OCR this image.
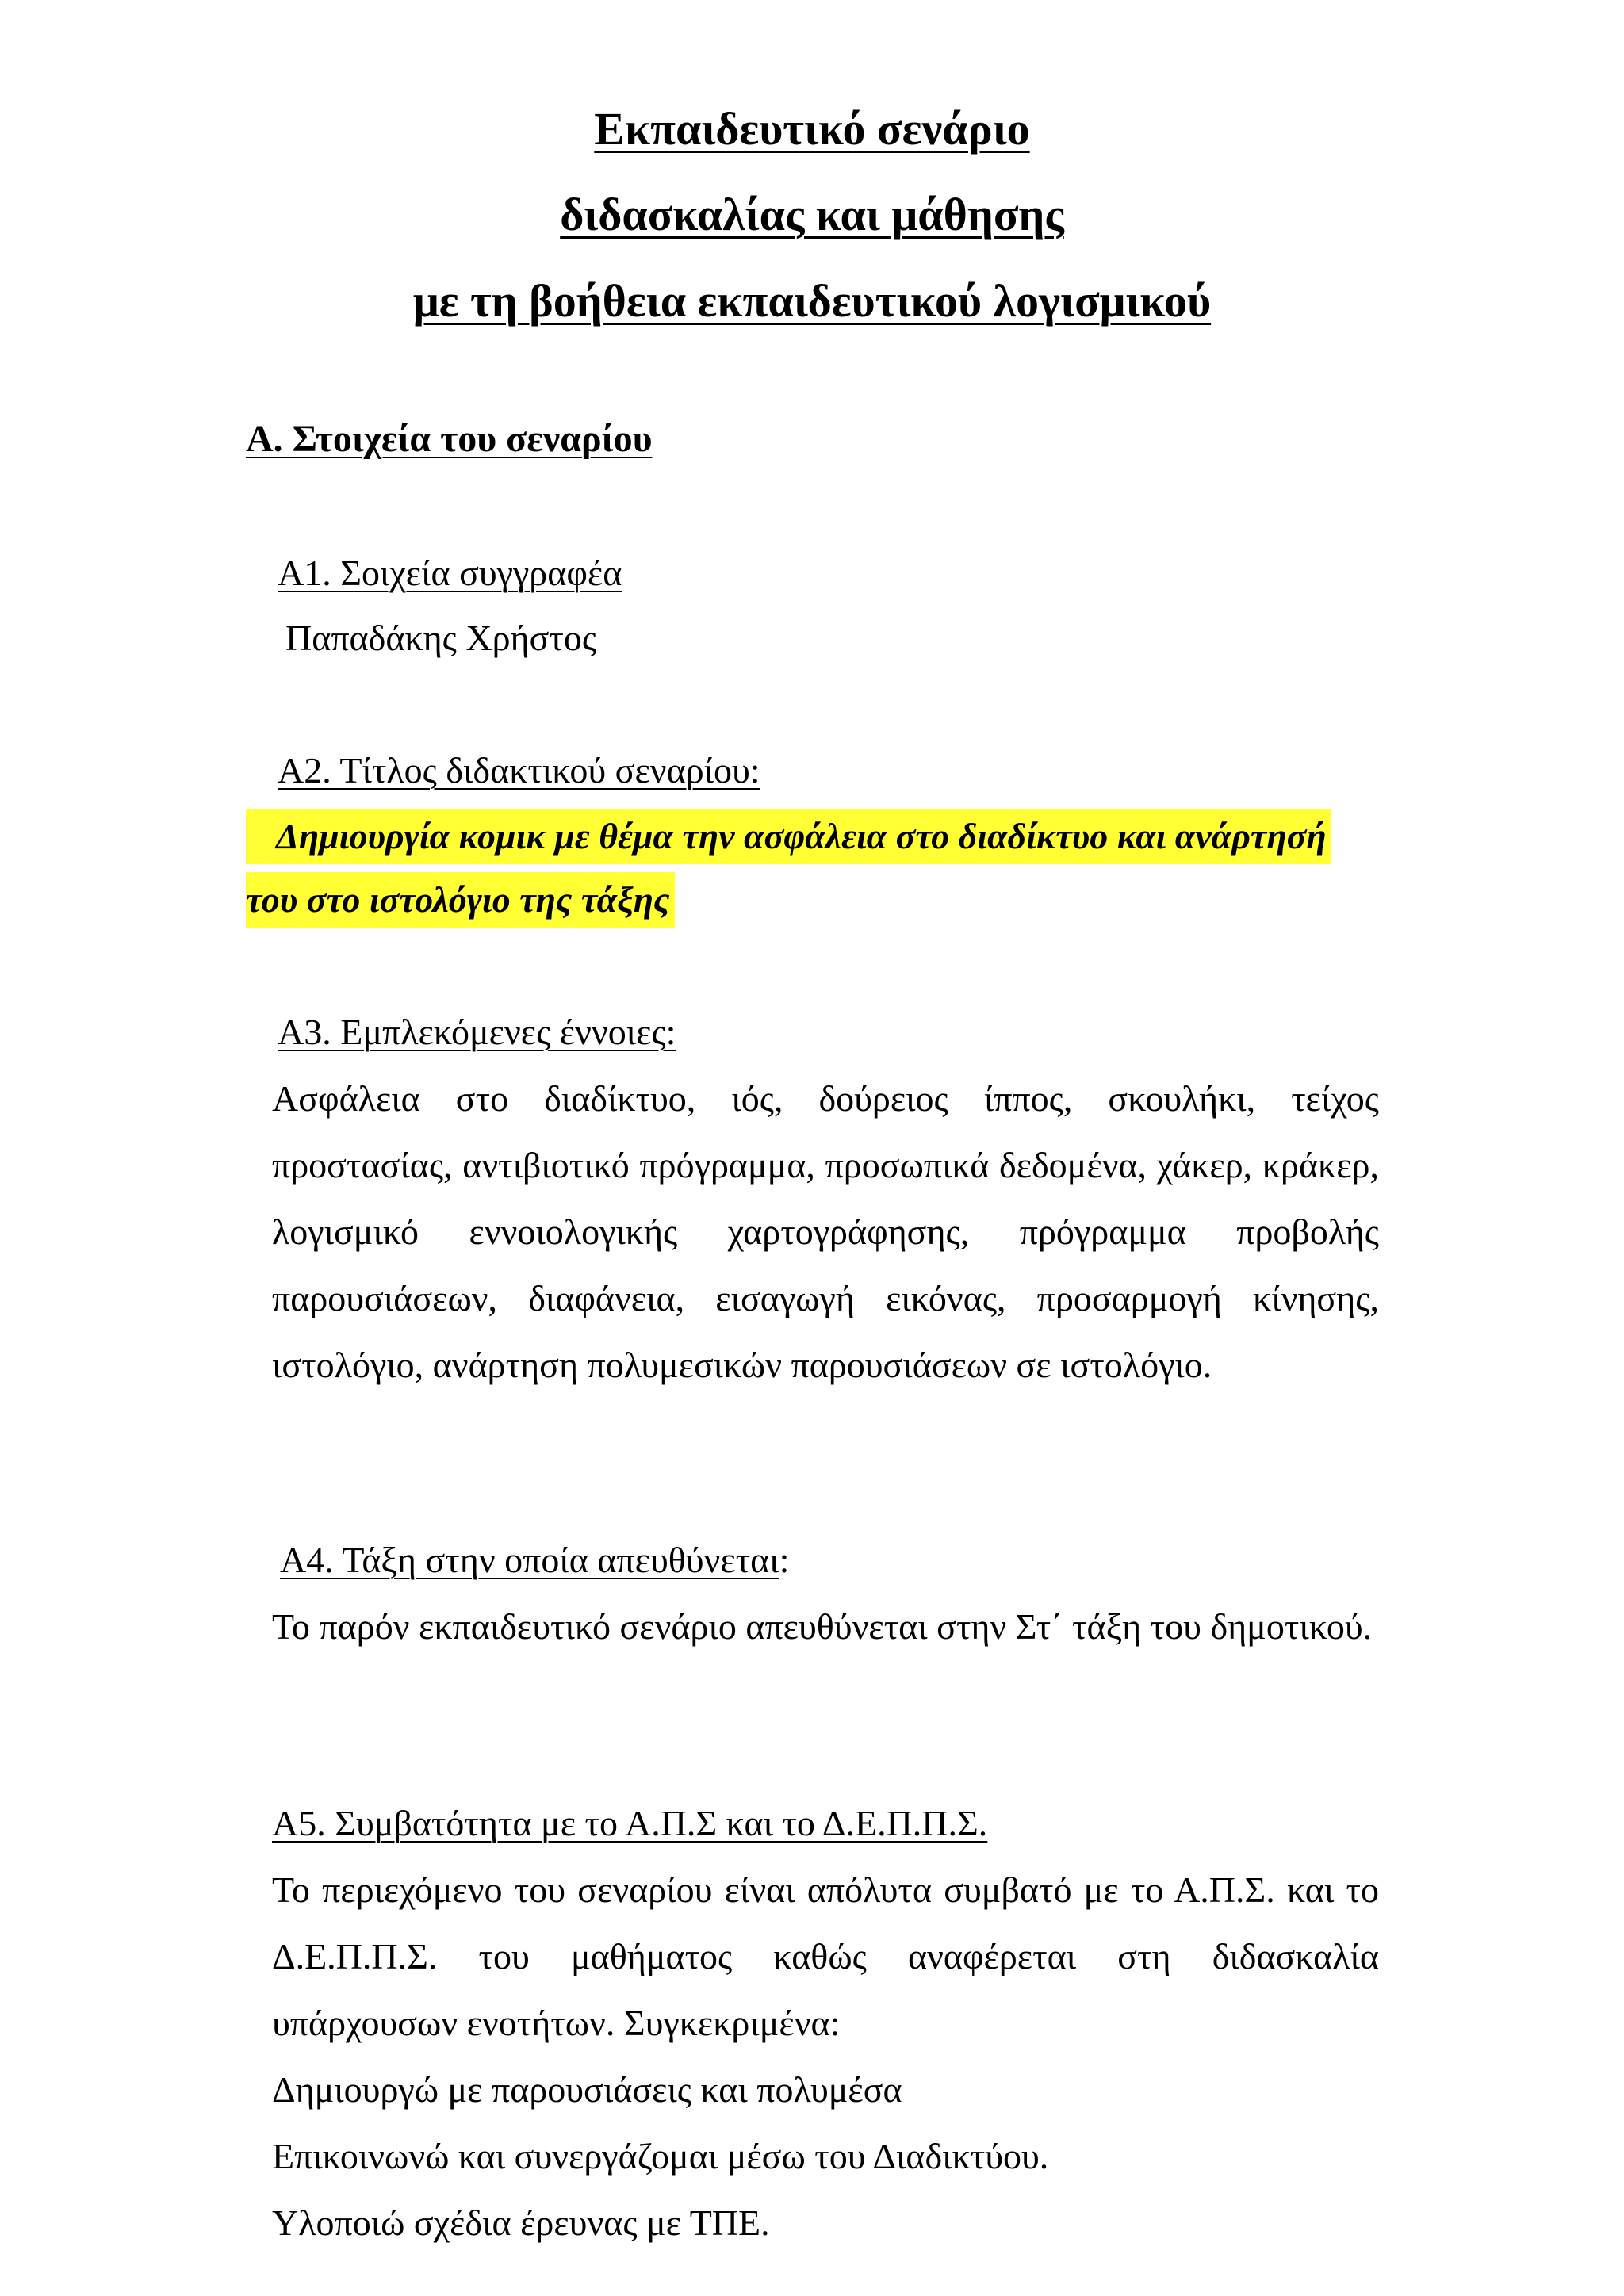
Εκπαιδευτικό σενάριο
διδασκαλίας και μάθησης
με τη βοήθεια εκπαιδευτικού λογισμικού
Α. Στοιχεία του σεναρίου
Α1. Σοιχεία συγγραφέα
Παπαδάκης Χρήστος
Α2. Τίτλος διδακτικού σεναρίου:
Δημιουργία κομικ με θέμα την ασφάλεια στο διαδίκτυο και ανάρτησή
του στο ιστολόγιο της τάξης
Α3. Εμπλεκόμενες έννοιες:
Ασφάλεια στο διαδίκτυο, ιός, δούρειος ίππος, σκουλήκι, τείχος προστασίας, αντιβιοτικό πρόγραμμα, προσωπικά δεδομένα, χάκερ, κράκερ, λογισμικό εννοιολογικής χαρτογράφησης, πρόγραμμα προβολής παρουσιάσεων, διαφάνεια, εισαγωγή εικόνας, προσαρμογή κίνησης, ιστολόγιο, ανάρτηση πολυμεσικών παρουσιάσεων σε ιστολόγιο.
Α4. Τάξη στην οποία απευθύνεται:
Το παρόν εκπαιδευτικό σενάριο απευθύνεται στην Στ΄ τάξη του δημοτικού.
Α5. Συμβατότητα με το Α.Π.Σ και το Δ.Ε.Π.Π.Σ.
Το περιεχόμενο του σεναρίου είναι απόλυτα συμβατό με το Α.Π.Σ. και το Δ.Ε.Π.Π.Σ. του μαθήματος καθώς αναφέρεται στη διδασκαλία υπάρχουσων ενοτήτων. Συγκεκριμένα:
Δημιουργώ με παρουσιάσεις και πολυμέσα
Επικοινωνώ και συνεργάζομαι μέσω του Διαδικτύου.
Υλοποιώ σχέδια έρευνας με ΤΠΕ.
